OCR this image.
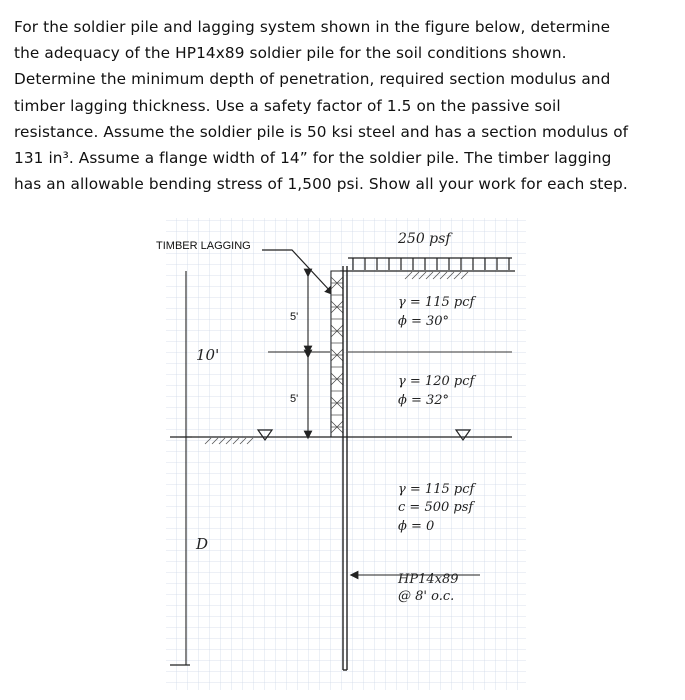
For the soldier pile and lagging system shown in the figure below, determine

the adequacy of the HP14x89 soldier pile for the soil conditions shown.

Determine the minimum depth of penetration, required section modulus and

timber lagging thickness. Use a safety factor of 1.5 on the passive soil

resistance. Assume the soldier pile is 50 ksi steel and has a section modulus of

131 in³. Assume a flange width of 14” for the soldier pile. The timber lagging

has an allowable bending stress of 1,500 psi. Show all your work for each step.

250 psf
TIMBER LAGGING
10'
5'
5'
D
γ = 115 pcf
ϕ = 30°
γ = 120 pcf
ϕ = 32°
γ = 115 pcf
c = 500 psf
ϕ = 0
HP14x89
@ 8' o.c.
